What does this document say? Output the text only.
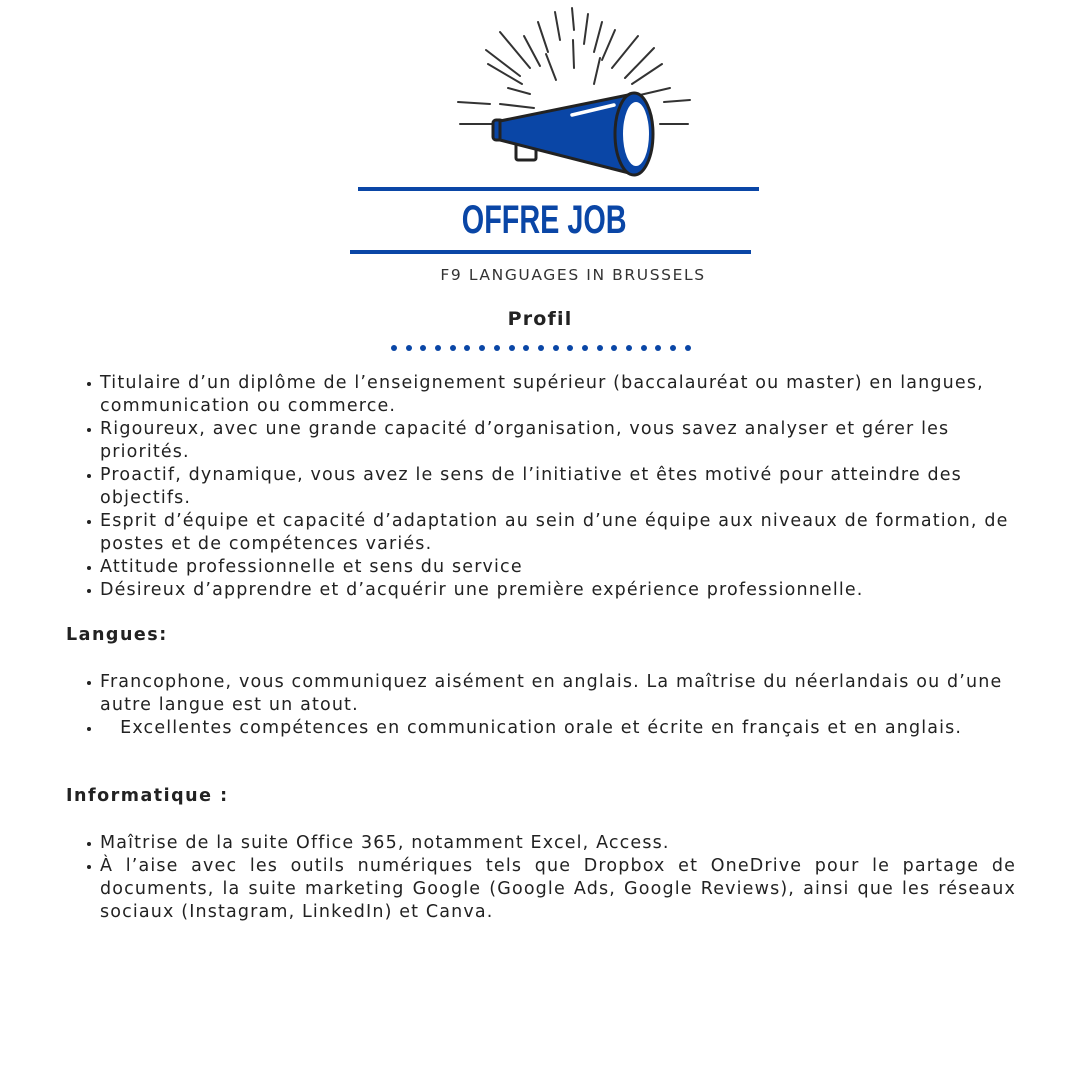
OFFRE JOB
F9 LANGUAGES IN BRUSSELS
Profil
Titulaire d’un diplôme de l’enseignement supérieur (baccalauréat ou master) en langues, communication ou commerce.
Rigoureux, avec une grande capacité d’organisation, vous savez analyser et gérer les priorités.
Proactif, dynamique, vous avez le sens de l’initiative et êtes motivé pour atteindre des objectifs.
Esprit d’équipe et capacité d’adaptation au sein d’une équipe aux niveaux de formation, de postes et de compétences variés.
Attitude professionnelle et sens du service
Désireux d’apprendre et d’acquérir une première expérience professionnelle.
Langues:
Francophone, vous communiquez aisément en anglais. La maîtrise du néerlandais ou d’une autre langue est un atout.
Excellentes compétences en communication orale et écrite en français et en anglais.
Informatique :
Maîtrise de la suite Office 365, notamment Excel, Access.
À l’aise avec les outils numériques tels que Dropbox et OneDrive pour le partage de documents, la suite marketing Google (Google Ads, Google Reviews), ainsi que les réseaux sociaux (Instagram, LinkedIn) et Canva.
